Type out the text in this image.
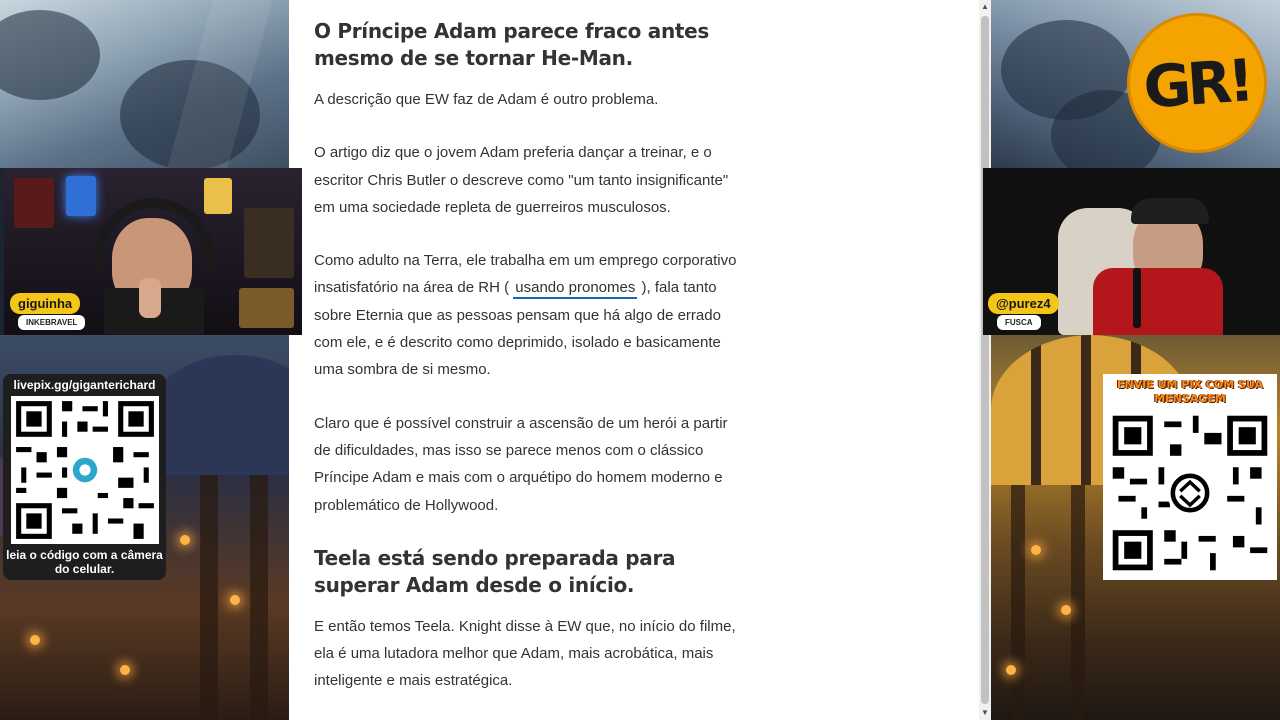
GR!
O Príncipe Adam parece fraco antes mesmo de se tornar He-Man.

A descrição que EW faz de Adam é outro problema.

O artigo diz que o jovem Adam preferia dançar a treinar, e o escritor Chris Butler o descreve como "um tanto insignificante" em uma sociedade repleta de guerreiros musculosos.

Como adulto na Terra, ele trabalha em um emprego corporativo insatisfatório na área de RH ( usando pronomes ), fala tanto sobre Eternia que as pessoas pensam que há algo de errado com ele, e é descrito como deprimido, isolado e basicamente uma sombra de si mesmo.

Claro que é possível construir a ascensão de um herói a partir de dificuldades, mas isso se parece menos com o clássico Príncipe Adam e mais com o arquétipo do homem moderno e problemático de Hollywood.

Teela está sendo preparada para superar Adam desde o início.

E então temos Teela. Knight disse à EW que, no início do filme, ela é uma lutadora melhor que Adam, mais acrobática, mais inteligente e mais estratégica.

▲
▼
giguinha
INKEBRAVEL
@purez4
FUSCA
livepix.gg/giganterichard
leia o código com a câmera do celular.
ENVIE UM PIX COM SUA MENSAGEM
